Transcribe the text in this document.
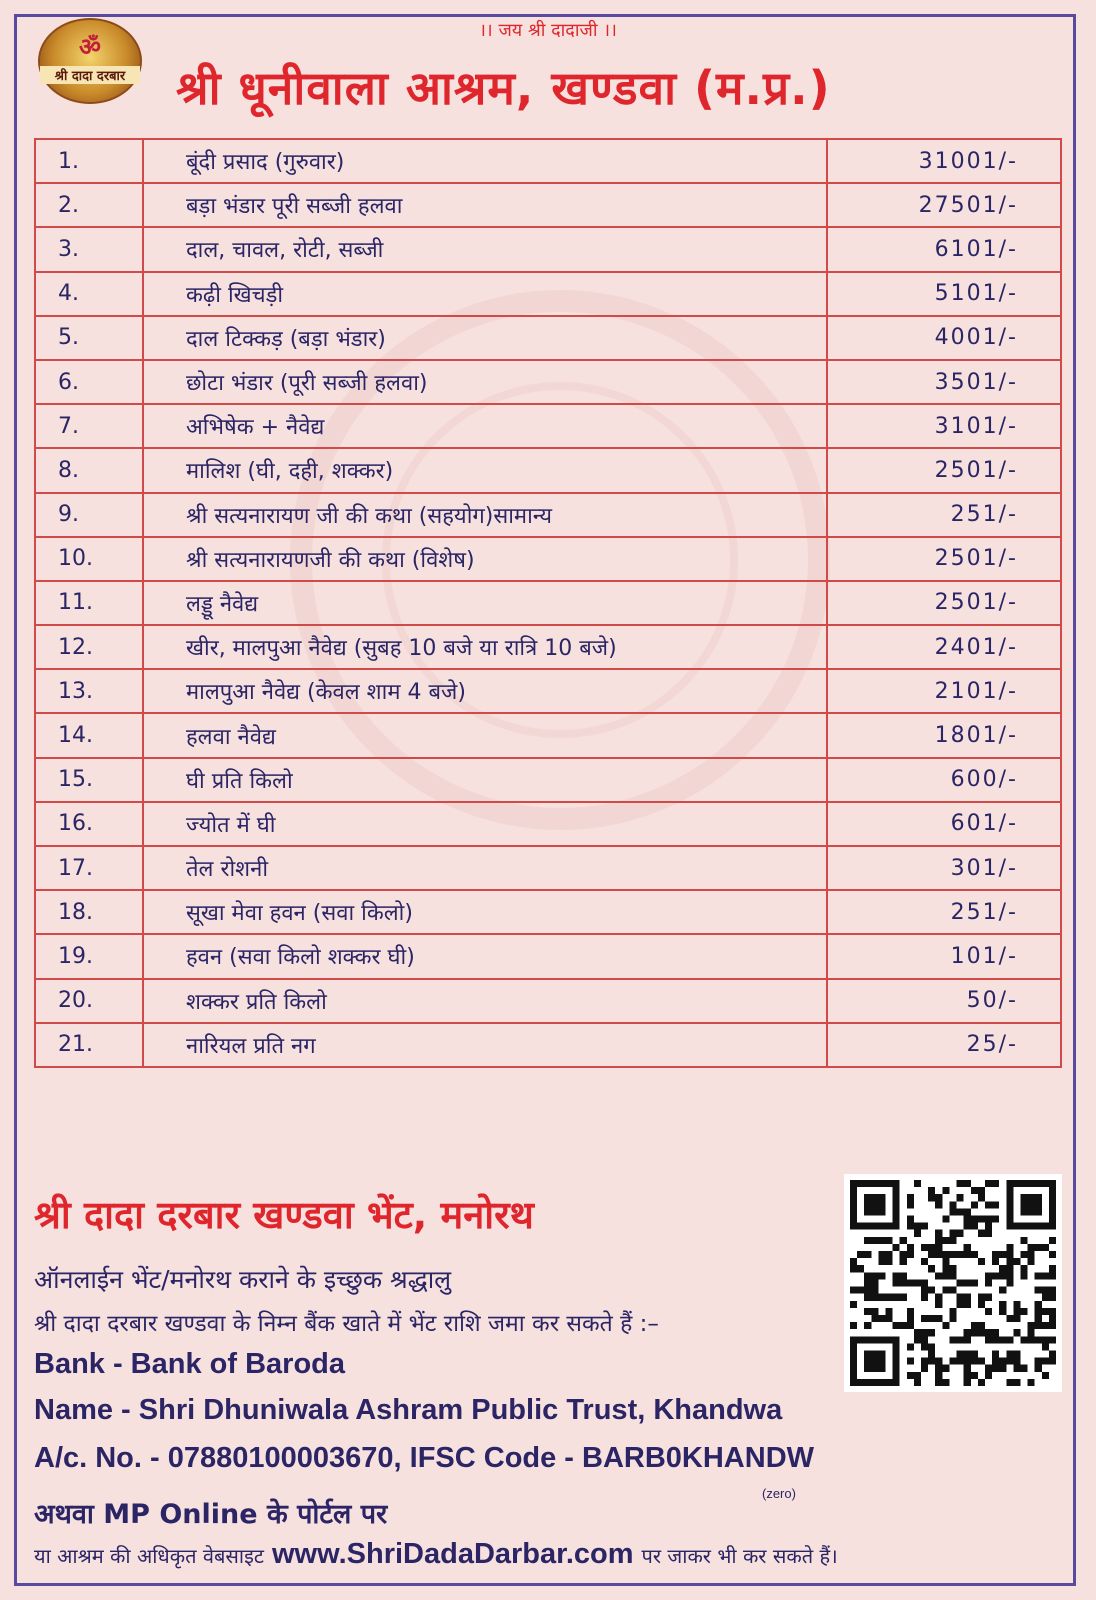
।। जय श्री दादाजी ।।
ॐ
श्री दादा दरबार	श्री धूनीवाला आश्रम, खण्डवा (म.प्र.)
1.	बूंदी प्रसाद (गुरुवार)	31001/-
2.	बड़ा भंडार पूरी सब्जी हलवा	27501/-
3.	दाल, चावल, रोटी, सब्जी	6101/-
4.	कढ़ी खिचड़ी	5101/-
5.	दाल टिक्कड़ (बड़ा भंडार)	4001/-
6.	छोटा भंडार (पूरी सब्जी हलवा)	3501/-
7.	अभिषेक + नैवेद्य	3101/-
8.	मालिश (घी, दही, शक्कर)	2501/-
9.	श्री सत्यनारायण जी की कथा (सहयोग)सामान्य	251/-
10.	श्री सत्यनारायणजी की कथा (विशेष)	2501/-
11.	लड्डू नैवेद्य	2501/-
12.	खीर, मालपुआ नैवेद्य (सुबह 10 बजे या रात्रि 10 बजे)	2401/-
13.	मालपुआ नैवेद्य (केवल शाम 4 बजे)	2101/-
14.	हलवा नैवेद्य	1801/-
15.	घी प्रति किलो	600/-
16.	ज्योत में घी	601/-
17.	तेल रोशनी	301/-
18.	सूखा मेवा हवन (सवा किलो)	251/-
19.	हवन (सवा किलो शक्कर घी)	101/-
20.	शक्कर प्रति किलो	50/-
21.	नारियल प्रति नग	25/-
श्री दादा दरबार खण्डवा भेंट, मनोरथ
ऑनलाईन भेंट/मनोरथ कराने के इच्छुक श्रद्धालु
श्री दादा दरबार खण्डवा के निम्न बैंक खाते में भेंट राशि जमा कर सकते हैं :–
Bank - Bank of Baroda
Name - Shri Dhuniwala Ashram Public Trust, Khandwa
A/c. No. - 07880100003670, IFSC Code - BARB0KHANDW
(zero)
अथवा MP Online के पोर्टल पर
या आश्रम की अधिकृत वेबसाइट www.ShriDadaDarbar.com पर जाकर भी कर सकते हैं।
